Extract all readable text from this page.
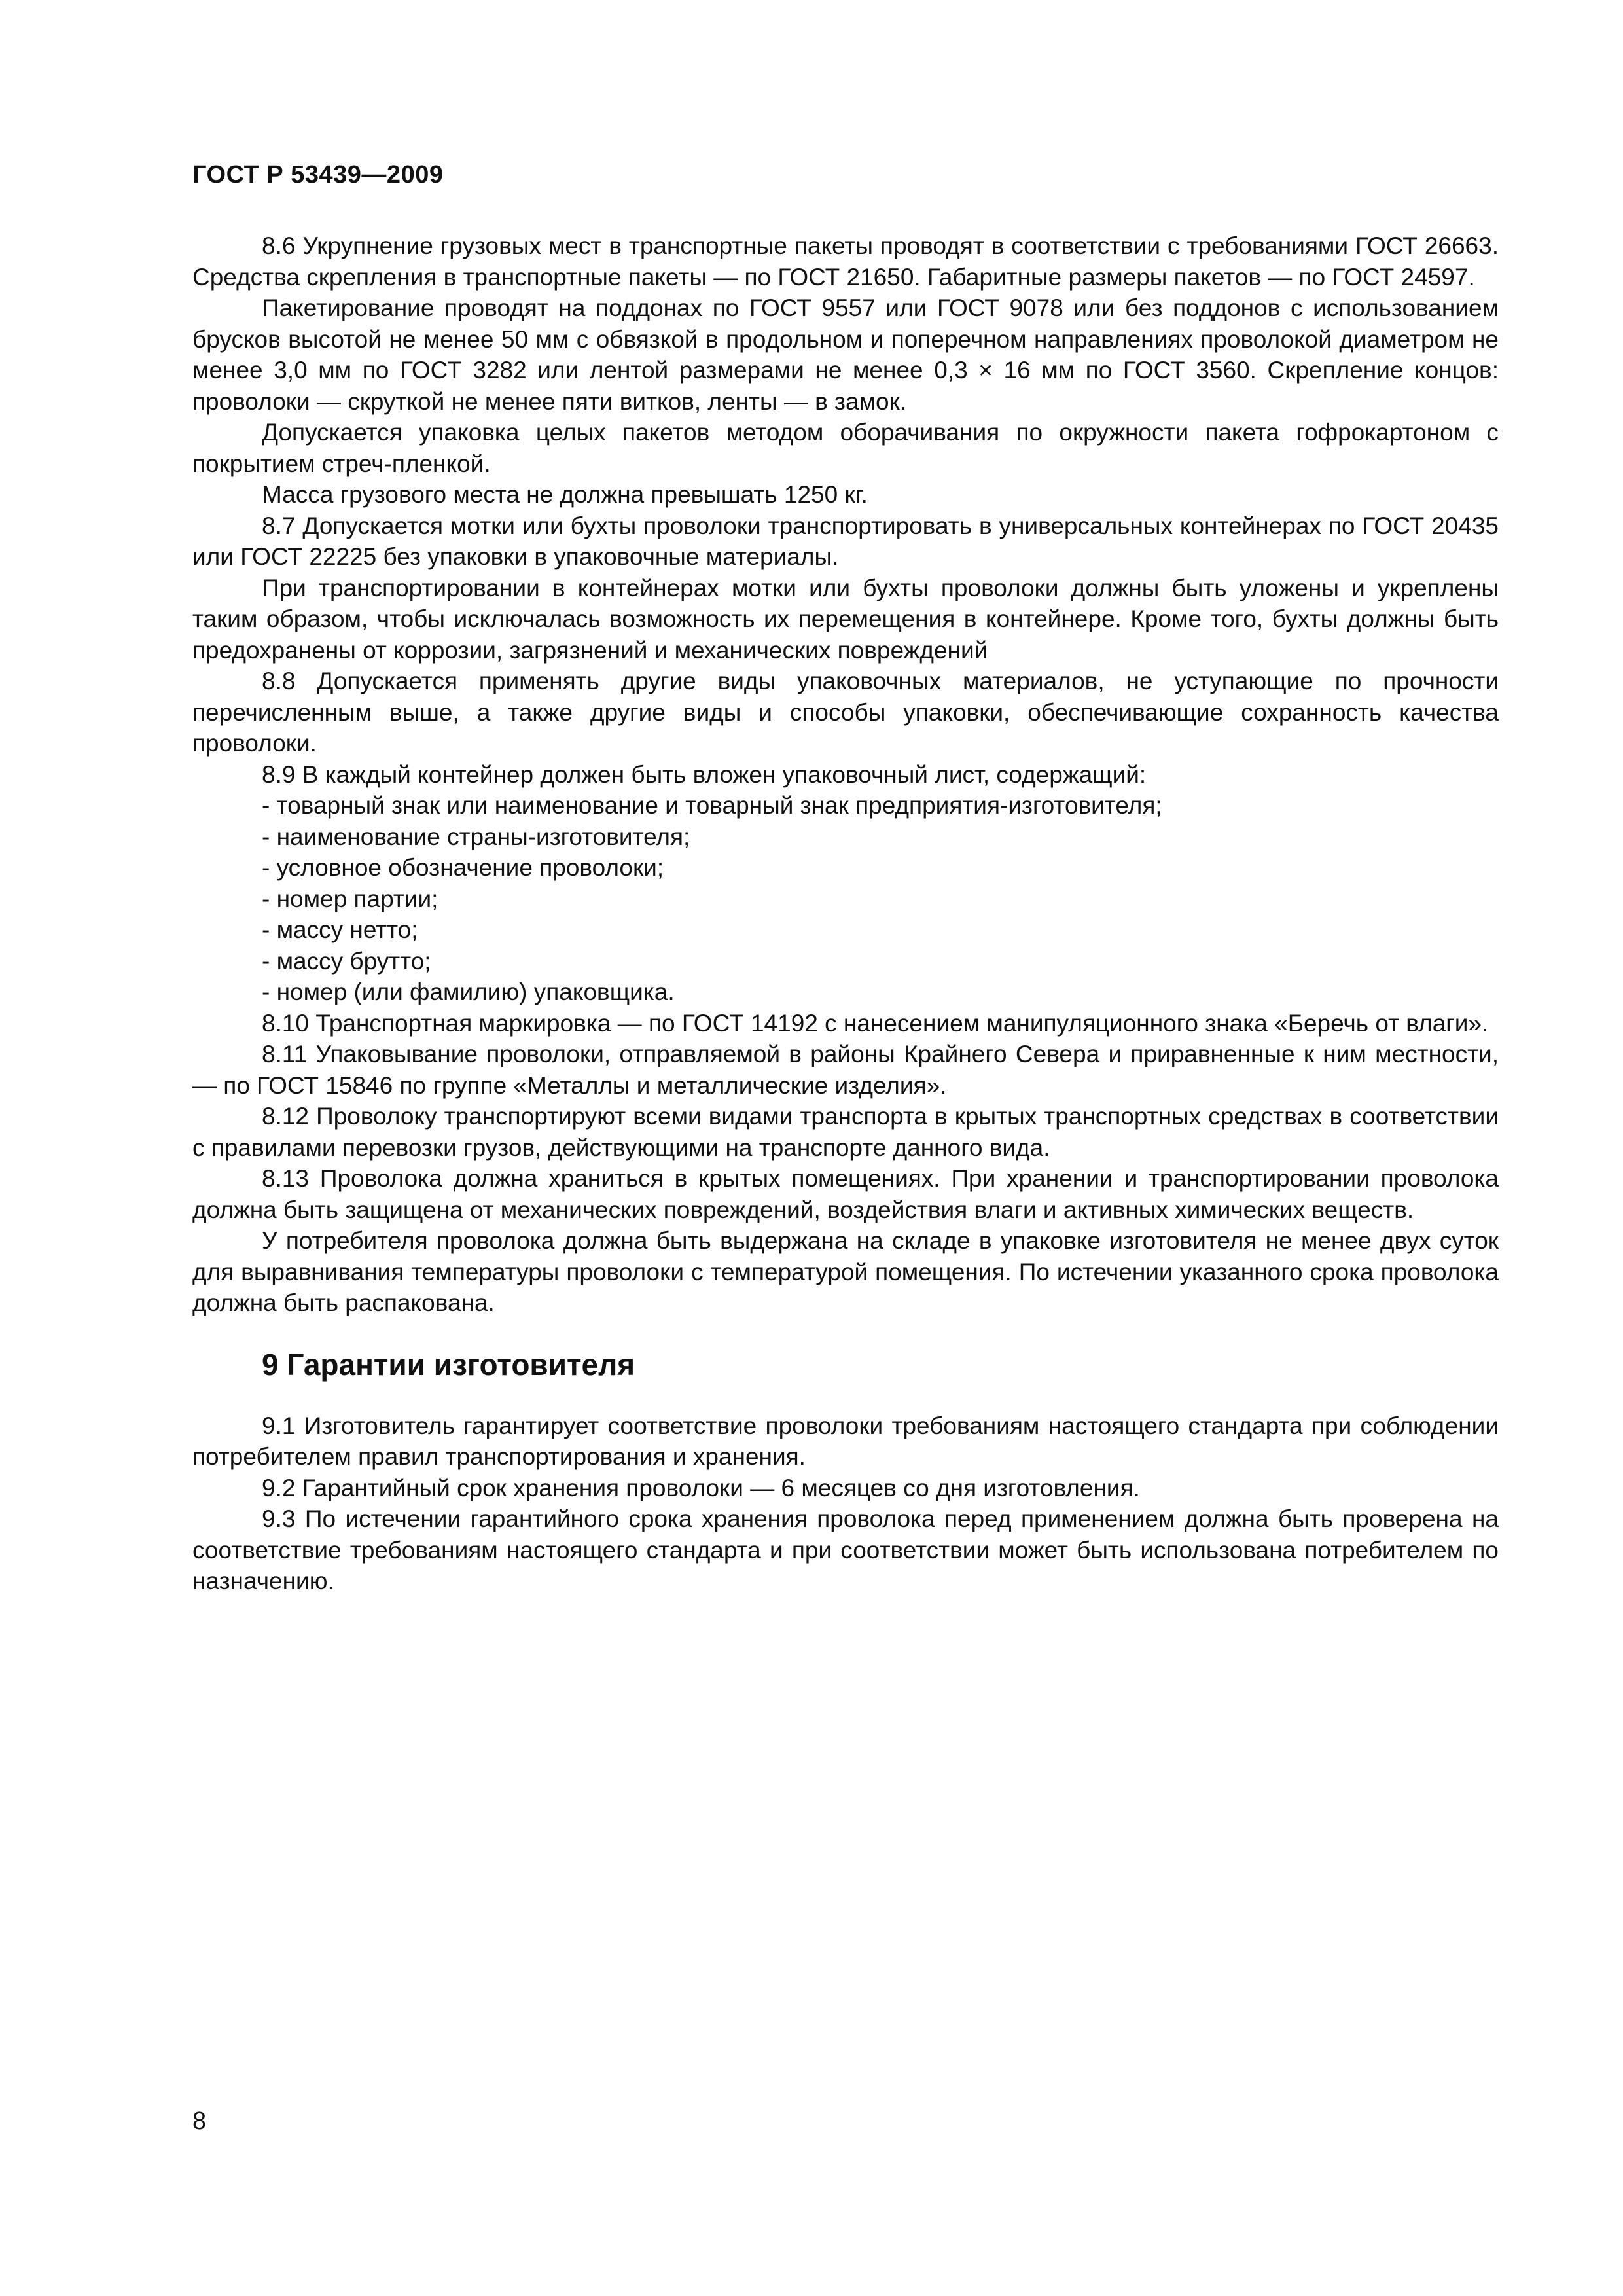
ГОСТ Р 53439—2009

8.6 Укрупнение грузовых мест в транспортные пакеты проводят в соответствии с требованиями ГОСТ 26663. Средства скрепления в транспортные пакеты — по ГОСТ 21650. Габаритные размеры пакетов — по ГОСТ 24597.

Пакетирование проводят на поддонах по ГОСТ 9557 или ГОСТ 9078 или без поддонов с использованием брусков высотой не менее 50 мм с обвязкой в продольном и поперечном направлениях проволокой диаметром не менее 3,0 мм по ГОСТ 3282 или лентой размерами не менее 0,3 × 16 мм по ГОСТ 3560. Скрепление концов: проволоки — скруткой не менее пяти витков, ленты — в замок.

Допускается упаковка целых пакетов методом оборачивания по окружности пакета гофрокартоном с покрытием стреч-пленкой.

Масса грузового места не должна превышать 1250 кг.

8.7 Допускается мотки или бухты проволоки транспортировать в универсальных контейнерах по ГОСТ 20435 или ГОСТ 22225 без упаковки в упаковочные материалы.

При транспортировании в контейнерах мотки или бухты проволоки должны быть уложены и укреплены таким образом, чтобы исключалась возможность их перемещения в контейнере. Кроме того, бухты должны быть предохранены от коррозии, загрязнений и механических повреждений

8.8 Допускается применять другие виды упаковочных материалов, не уступающие по прочности перечисленным выше, а также другие виды и способы упаковки, обеспечивающие сохранность качества проволоки.

8.9 В каждый контейнер должен быть вложен упаковочный лист, содержащий:

- товарный знак или наименование и товарный знак предприятия-изготовителя;

- наименование страны-изготовителя;

- условное обозначение проволоки;

- номер партии;

- массу нетто;

- массу брутто;

- номер (или фамилию) упаковщика.

8.10 Транспортная маркировка — по ГОСТ 14192 с нанесением манипуляционного знака «Беречь от влаги».

8.11 Упаковывание проволоки, отправляемой в районы Крайнего Севера и приравненные к ним местности, — по ГОСТ 15846 по группе «Металлы и металлические изделия».

8.12 Проволоку транспортируют всеми видами транспорта в крытых транспортных средствах в соответствии с правилами перевозки грузов, действующими на транспорте данного вида.

8.13 Проволока должна храниться в крытых помещениях. При хранении и транспортировании проволока должна быть защищена от механических повреждений, воздействия влаги и активных химических веществ.

У потребителя проволока должна быть выдержана на складе в упаковке изготовителя не менее двух суток для выравнивания температуры проволоки с температурой помещения. По истечении указанного срока проволока должна быть распакована.

9 Гарантии изготовителя

9.1 Изготовитель гарантирует соответствие проволоки требованиям настоящего стандарта при соблюдении потребителем правил транспортирования и хранения.

9.2 Гарантийный срок хранения проволоки — 6 месяцев со дня изготовления.

9.3 По истечении гарантийного срока хранения проволока перед применением должна быть проверена на соответствие требованиям настоящего стандарта и при соответствии может быть использована потребителем по назначению.

8
